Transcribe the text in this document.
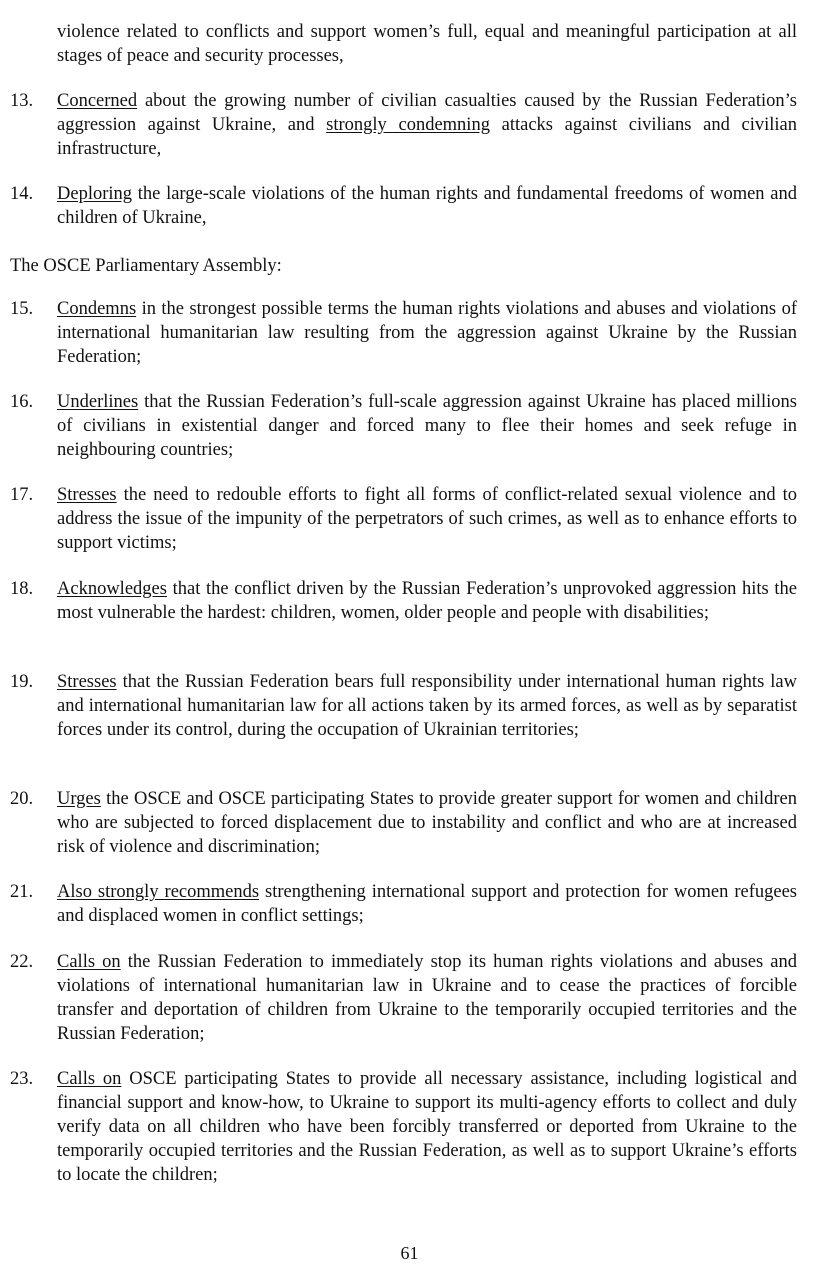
violence related to conflicts and support women’s full, equal and meaningful participation at all stages of peace and security processes,
The OSCE Parliamentary Assembly:
13.	Concerned about the growing number of civilian casualties caused by the Russian Federation’s aggression against Ukraine, and strongly condemning attacks against civilians and civilian infrastructure,
14.	Deploring the large-scale violations of the human rights and fundamental freedoms of women and children of Ukraine,
15.	Condemns in the strongest possible terms the human rights violations and abuses and violations of international humanitarian law resulting from the aggression against Ukraine by the Russian Federation;
16.	Underlines that the Russian Federation’s full-scale aggression against Ukraine has placed millions of civilians in existential danger and forced many to flee their homes and seek refuge in neighbouring countries;
17.	Stresses the need to redouble efforts to fight all forms of conflict-related sexual violence and to address the issue of the impunity of the perpetrators of such crimes, as well as to enhance efforts to support victims;
18.	Acknowledges that the conflict driven by the Russian Federation’s unprovoked aggression hits the most vulnerable the hardest: children, women, older people and people with disabilities;
19.	Stresses that the Russian Federation bears full responsibility under international human rights law and international humanitarian law for all actions taken by its armed forces, as well as by separatist forces under its control, during the occupation of Ukrainian territories;
20.	Urges the OSCE and OSCE participating States to provide greater support for women and children who are subjected to forced displacement due to instability and conflict and who are at increased risk of violence and discrimination;
21.	Also strongly recommends strengthening international support and protection for women refugees and displaced women in conflict settings;
22.	Calls on the Russian Federation to immediately stop its human rights violations and abuses and violations of international humanitarian law in Ukraine and to cease the practices of forcible transfer and deportation of children from Ukraine to the temporarily occupied territories and the Russian Federation;
23.	Calls on OSCE participating States to provide all necessary assistance, including logistical and financial support and know-how, to Ukraine to support its multi-agency efforts to collect and duly verify data on all children who have been forcibly transferred or deported from Ukraine to the temporarily occupied territories and the Russian Federation, as well as to support Ukraine’s efforts to locate the children;
61
